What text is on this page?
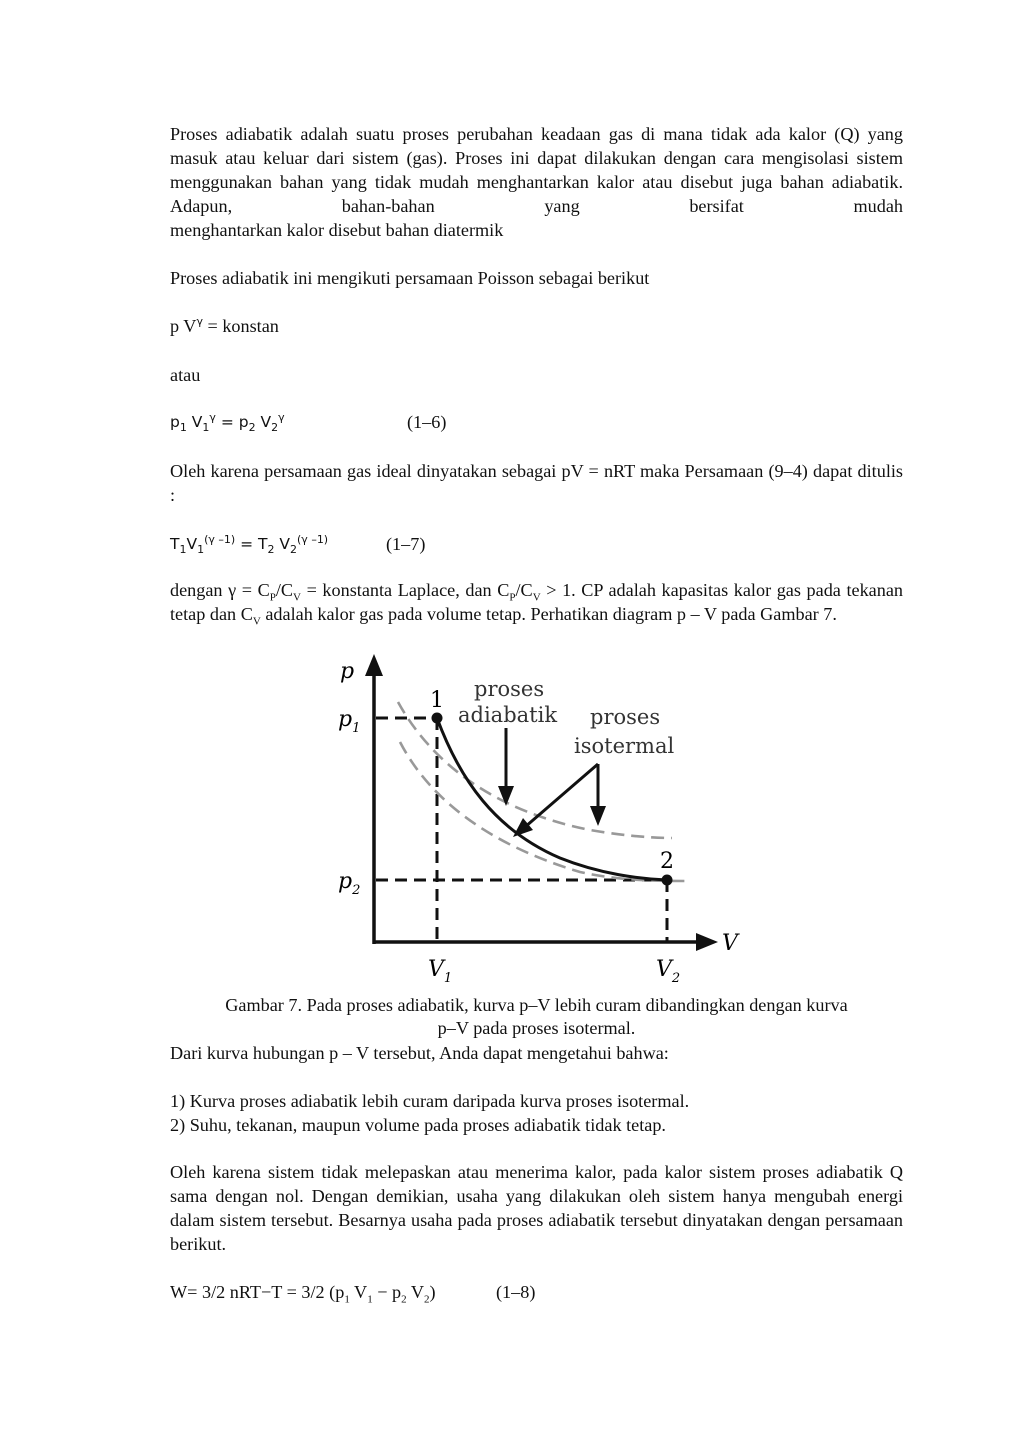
Proses adiabatik adalah suatu proses perubahan keadaan gas di mana tidak ada kalor (Q) yang masuk atau keluar dari sistem (gas). Proses ini dapat dilakukan dengan cara mengisolasi sistem menggunakan bahan yang tidak mudah menghantarkan kalor atau disebut juga bahan adiabatik. Adapun, bahan-bahan yang bersifat mudah
menghantarkan kalor disebut bahan diatermik
Proses adiabatik ini mengikuti persamaan Poisson sebagai berikut
p $V^\gamma$ = konstan
atau
$p_1$ $V_1^\gamma = p_2$ $V_2^\gamma$	(1–6)
Oleh karena persamaan gas ideal dinyatakan sebagai pV = nRT maka Persamaan (9–4) dapat ditulis :
$T_1V_1^{(\gamma -1)} = T_2$ $V_2^{(\gamma -1)}$	(1–7)
dengan $\gamma = C_P/C_V$ = konstanta Laplace, dan $C_P/C_V > 1$. CP adalah kapasitas kalor gas pada tekanan tetap dan $C_V$ adalah kalor gas pada volume tetap. Perhatikan diagram p – V pada Gambar 7.
p
V
1
2
$p_1$
$p_2$
$V_1$	$V_2$
proses
adiabatik proses
isotermal
Gambar 7. Pada proses adiabatik, kurva p–V lebih curam dibandingkan dengan kurva
p–V pada proses isotermal.
Dari kurva hubungan p – V tersebut, Anda dapat mengetahui bahwa:
1) Kurva proses adiabatik lebih curam daripada kurva proses isotermal.
2) Suhu, tekanan, maupun volume pada proses adiabatik tidak tetap.
Oleh karena sistem tidak melepaskan atau menerima kalor, pada kalor sistem proses adiabatik Q sama dengan nol. Dengan demikian, usaha yang dilakukan oleh sistem hanya mengubah energi dalam sistem tersebut. Besarnya usaha pada proses adiabatik tersebut dinyatakan dengan persamaan berikut.
W= 3/2 nRT−T = 3/2 ($p_1$ $V_1 - p_2$ $V_2$)	(1–8)
